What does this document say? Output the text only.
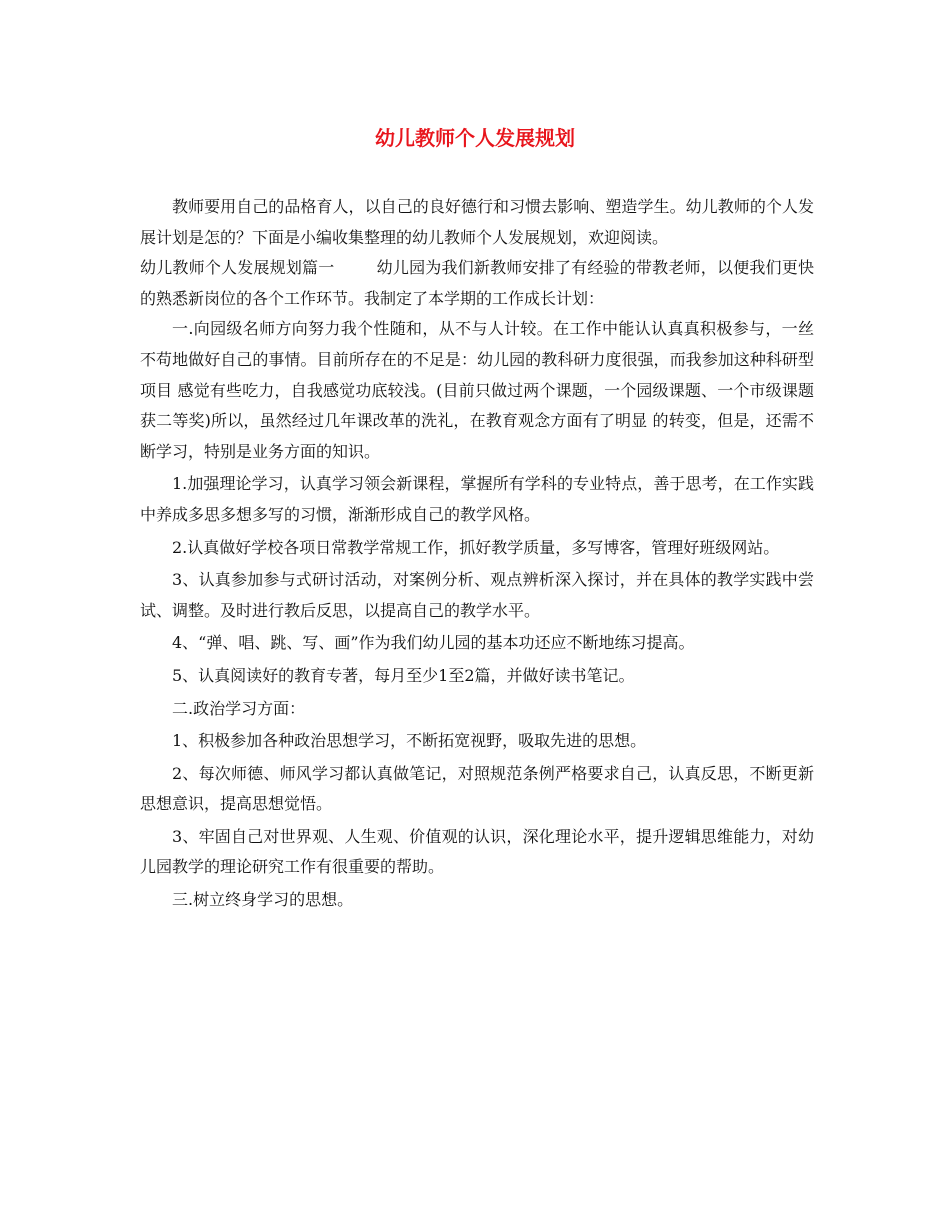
幼儿教师个人发展规划

教师要用自己的品格育人，以自己的良好德行和习惯去影响、塑造学生。幼儿教师的个人发展计划是怎的？下面是小编收集整理的幼儿教师个人发展规划，欢迎阅读。

幼儿教师个人发展规划篇一	幼儿园为我们新教师安排了有经验的带教老师，以便我们更快的熟悉新岗位的各个工作环节。我制定了本学期的工作成长计划：

一.向园级名师方向努力我个性随和，从不与人计较。在工作中能认认真真积极参与，一丝不苟地做好自己的事情。目前所存在的不足是：幼儿园的教科研力度很强，而我参加这种科研型项目 感觉有些吃力，自我感觉功底较浅。(目前只做过两个课题，一个园级课题、一个市级课题获二等奖)所以，虽然经过几年课改革的洗礼，在教育观念方面有了明显 的转变，但是，还需不断学习，特别是业务方面的知识。

1.加强理论学习，认真学习领会新课程，掌握所有学科的专业特点，善于思考，在工作实践中养成多思多想多写的习惯，渐渐形成自己的教学风格。

2.认真做好学校各项日常教学常规工作，抓好教学质量，多写博客，管理好班级网站。

3、认真参加参与式研讨活动，对案例分析、观点辨析深入探讨，并在具体的教学实践中尝试、调整。及时进行教后反思，以提高自己的教学水平。

4、“弹、唱、跳、写、画”作为我们幼儿园的基本功还应不断地练习提高。

5、认真阅读好的教育专著，每月至少1至2篇，并做好读书笔记。

二.政治学习方面：

1、积极参加各种政治思想学习，不断拓宽视野，吸取先进的思想。

2、每次师德、师风学习都认真做笔记，对照规范条例严格要求自己，认真反思，不断更新思想意识，提高思想觉悟。

3、牢固自己对世界观、人生观、价值观的认识，深化理论水平，提升逻辑思维能力，对幼儿园教学的理论研究工作有很重要的帮助。

三.树立终身学习的思想。
